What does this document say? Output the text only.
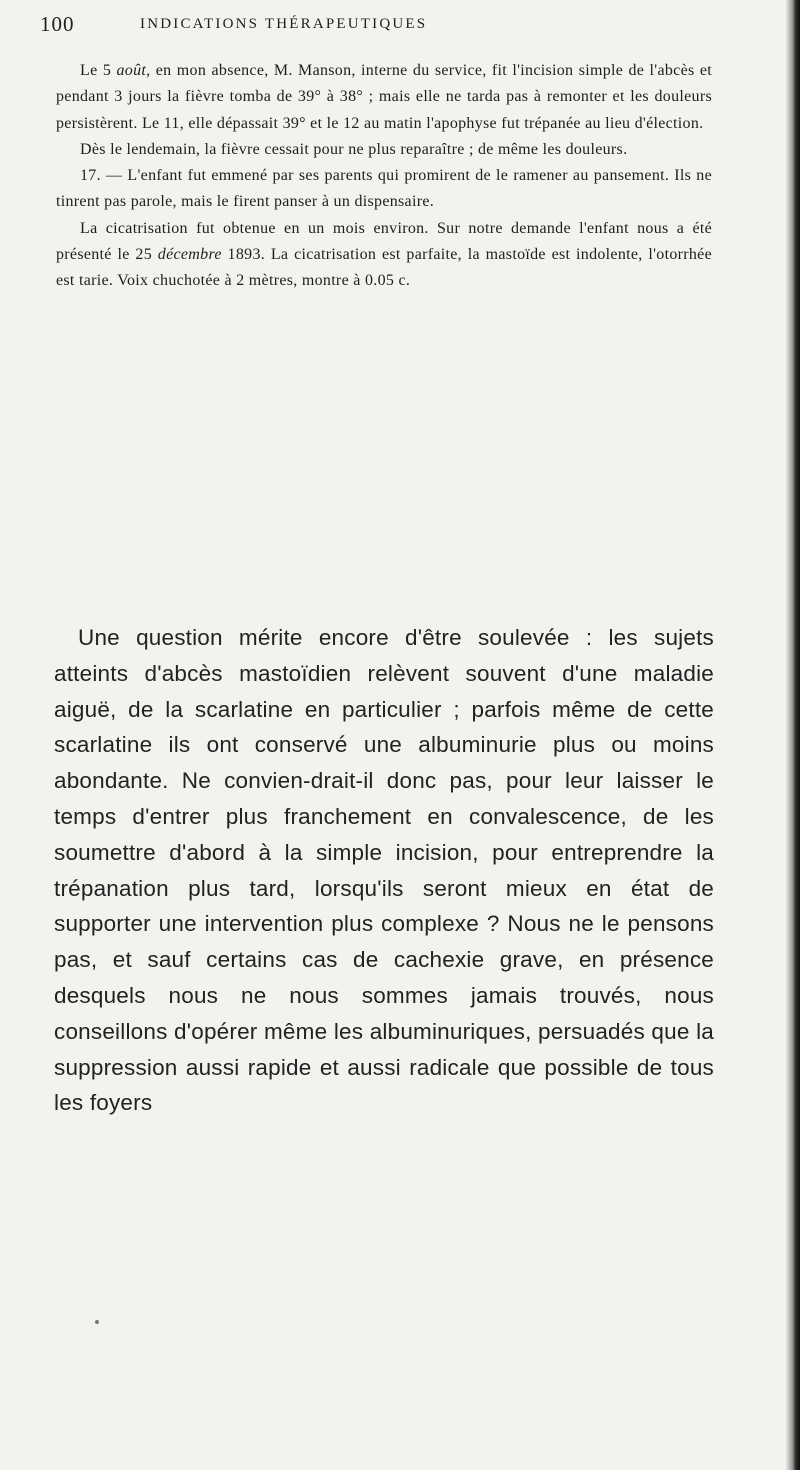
100	INDICATIONS THÉRAPEUTIQUES

Le 5 août, en mon absence, M. Manson, interne du service, fit l'incision simple de l'abcès et pendant 3 jours la fièvre tomba de 39° à 38° ; mais elle ne tarda pas à remonter et les douleurs persistèrent. Le 11, elle dépassait 39° et le 12 au matin l'apophyse fut trépanée au lieu d'élection.

Dès le lendemain, la fièvre cessait pour ne plus reparaître ; de même les douleurs.

17. — L'enfant fut emmené par ses parents qui promirent de le ramener au pansement. Ils ne tinrent pas parole, mais le firent panser à un dispensaire.

La cicatrisation fut obtenue en un mois environ. Sur notre demande l'enfant nous a été présenté le 25 décembre 1893. La cicatrisation est parfaite, la mastoïde est indolente, l'otorrhée est tarie. Voix chuchotée à 2 mètres, montre à 0.05 c.

Une question mérite encore d'être soulevée : les sujets atteints d'abcès mastoïdien relèvent souvent d'une maladie aiguë, de la scarlatine en particulier ; parfois même de cette scarlatine ils ont conservé une albuminurie plus ou moins abondante. Ne convien-drait-il donc pas, pour leur laisser le temps d'entrer plus franchement en convalescence, de les soumettre d'abord à la simple incision, pour entreprendre la trépanation plus tard, lorsqu'ils seront mieux en état de supporter une intervention plus complexe ? Nous ne le pensons pas, et sauf certains cas de cachexie grave, en présence desquels nous ne nous sommes jamais trouvés, nous conseillons d'opérer même les albuminuriques, persuadés que la suppression aussi rapide et aussi radicale que possible de tous les foyers
